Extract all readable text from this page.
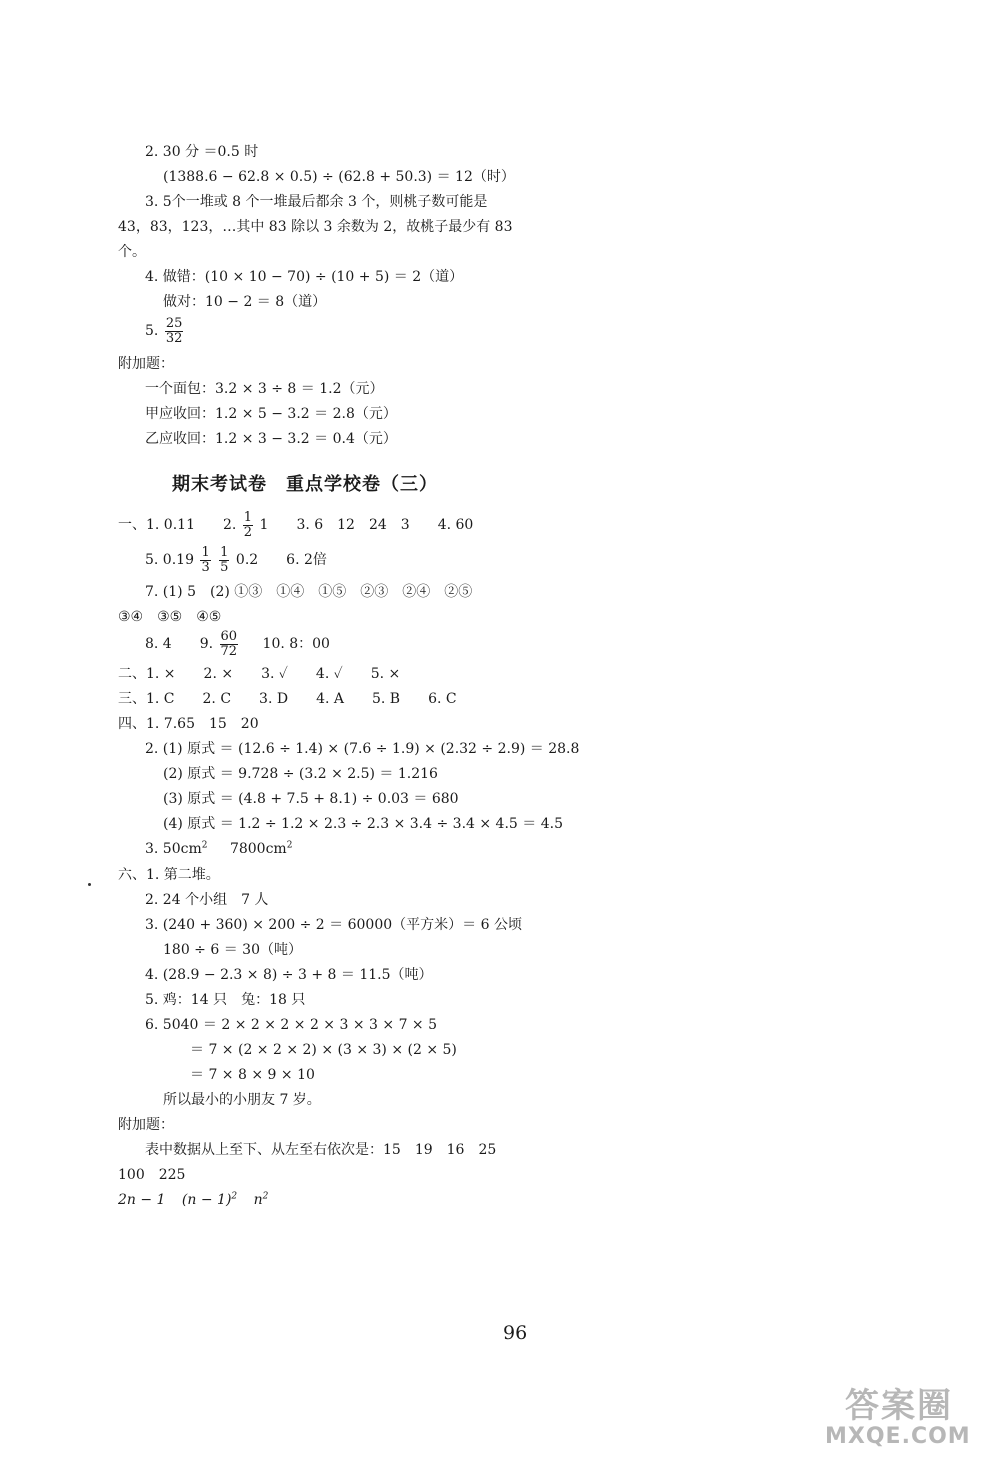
2. 30 分 ＝0.5 时
(1388.6 − 62.8 × 0.5) ÷ (62.8 + 50.3) ＝ 12（时）
3. 5个一堆或 8 个一堆最后都余 3 个，则桃子数可能是
43，83，123，…其中 83 除以 3 余数为 2，故桃子最少有 83
个。
4. 做错：(10 × 10 − 70) ÷ (10 + 5) ＝ 2（道）
做对：10 − 2 ＝ 8（道）
5. $\frac{25}{32}$
附加题：
一个面包：3.2 × 3 ÷ 8 ＝ 1.2（元）
甲应收回：1.2 × 5 − 3.2 ＝ 2.8（元）
乙应收回：1.2 × 3 − 3.2 ＝ 0.4（元）
期末考试卷　重点学校卷（三）
一、1. 0.11　　2. $\frac{1}{2} 1$　　3. 6　12　24　3　　4. 60
5. $0.19 \frac{1}{3}$
$\frac{1}{5} 0.2$　　6. 2倍
7. (1) 5　(2) ①③　①④　①⑤　②③　②④　②⑤
③④　③⑤　④⑤
8. 4　　9. $\frac{60}{72} 10$. 8：00
二、1. ×　　2. ×　　3. ✓　　4. ✓　　5. ×
三、1. C　　2. C　　3. D　　4. A　　5. B　　6. C
四、1. 7.65　15　20
2. (1) 原式 ＝ (12.6 ÷ 1.4) × (7.6 ÷ 1.9) × (2.32 ÷ 2.9) ＝ 28.8
(2) 原式 ＝ 9.728 ÷ (3.2 × 2.5) ＝ 1.216
(3) 原式 ＝ (4.8 + 7.5 + 8.1) ÷ 0.03 ＝ 680
(4) 原式 ＝ 1.2 ÷ 1.2 × 2.3 ÷ 2.3 × 3.4 ÷ 3.4 × 4.5 ＝ 4.5
3. $50cm^2$ $7800cm^2$
六、1. 第二堆。
2. 24 个小组　7 人
3. (240 + 360) × 200 ÷ 2 ＝ 60000（平方米）＝ 6 公顷
180 ÷ 6 ＝ 30（吨）
4. (28.9 − 2.3 × 8) ÷ 3 + 8 ＝ 11.5（吨）
5. 鸡：14 只　兔：18 只
6. 5040 ＝ 2 × 2 × 2 × 2 × 3 × 3 × 7 × 5
＝ 7 × (2 × 2 × 2) × (3 × 3) × (2 × 5)
＝ 7 × 8 × 9 × 10
所以最小的小朋友 7 岁。
附加题：
表中数据从上至下、从左至右依次是：15　19　16　25
100　225
2n − 1 $(n - 1)^2$ $n^2$
96
答案圈
MXQE.COM
